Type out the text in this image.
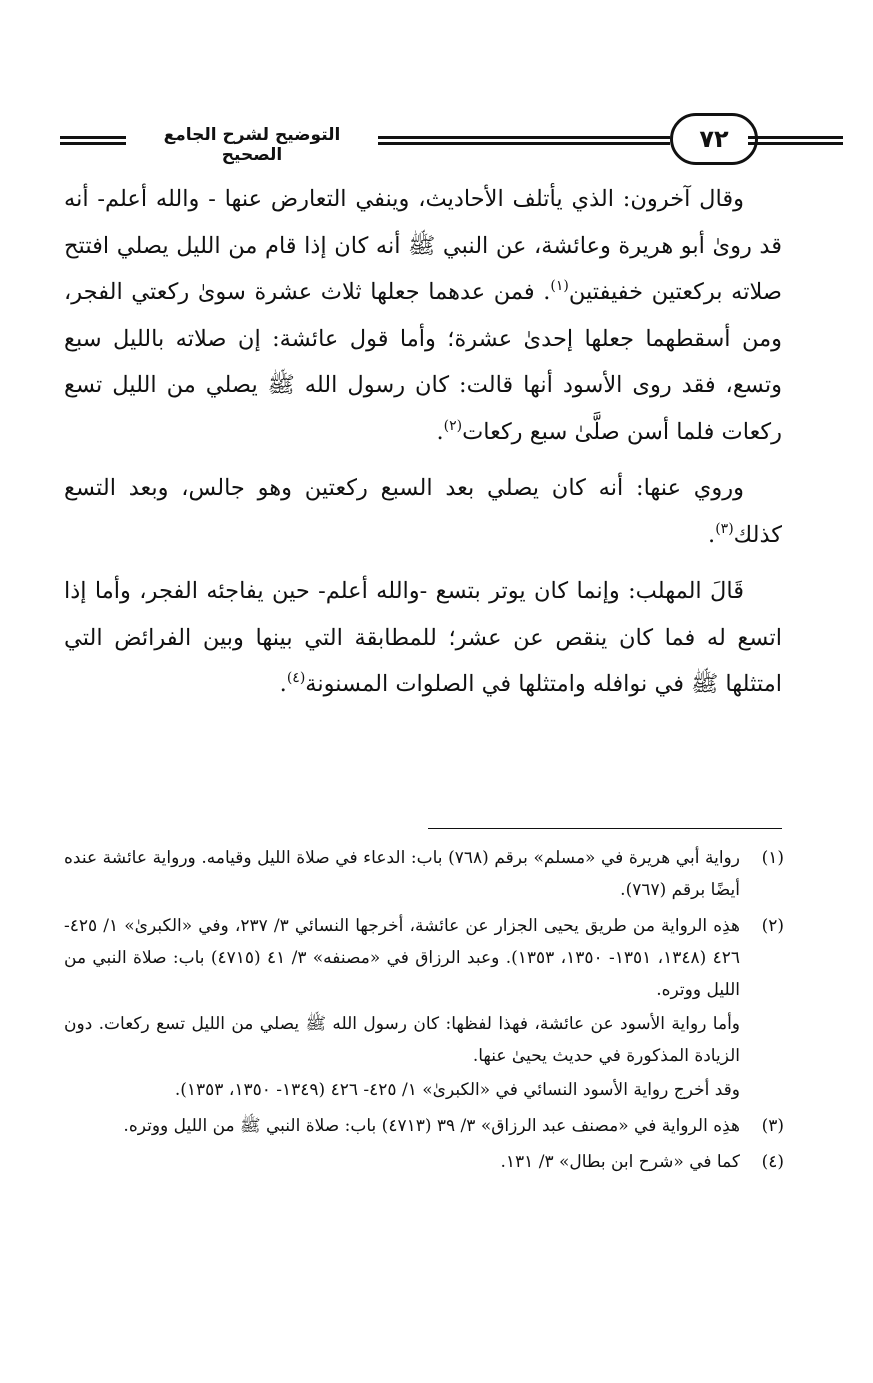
التوضيح لشرح الجامع الصحيح
٧٢

وقال آخرون: الذي يأتلف الأحاديث، وينفي التعارض عنها - والله أعلم- أنه قد روىٰ أبو هريرة وعائشة، عن النبي ﷺ أنه كان إذا قام من الليل يصلي افتتح صلاته بركعتين خفيفتين$^{(١)}$. فمن عدهما جعلها ثلاث عشرة سوىٰ ركعتي الفجر، ومن أسقطهما جعلها إحدىٰ عشرة؛ وأما قول عائشة: إن صلاته بالليل سبع وتسع، فقد روى الأسود أنها قالت: كان رسول الله ﷺ يصلي من الليل تسع ركعات فلما أسن صلَّىٰ سبع ركعات$^{(٢)}$.

وروي عنها: أنه كان يصلي بعد السبع ركعتين وهو جالس، وبعد التسع كذلك$^{(٣)}$.

قَالَ المهلب: وإنما كان يوتر بتسع -والله أعلم- حين يفاجئه الفجر، وأما إذا اتسع له فما كان ينقص عن عشر؛ للمطابقة التي بينها وبين الفرائض التي امتثلها ﷺ في نوافله وامتثلها في الصلوات المسنونة$^{(٤)}$.

(١)

رواية أبي هريرة في «مسلم» برقم (٧٦٨) باب: الدعاء في صلاة الليل وقيامه. ورواية عائشة عنده أيضًا برقم (٧٦٧).

(٢)

هذِه الرواية من طريق يحيى الجزار عن عائشة، أخرجها النسائي ٣/ ٢٣٧، وفي «الكبرىٰ» ١/ ٤٢٥- ٤٢٦ (١٣٤٨، ١٣٥١- ١٣٥٠، ١٣٥٣). وعبد الرزاق في «مصنفه» ٣/ ٤١ (٤٧١٥) باب: صلاة النبي من الليل ووتره.

وأما رواية الأسود عن عائشة، فهذا لفظها: كان رسول الله ﷺ يصلي من الليل تسع ركعات. دون الزيادة المذكورة في حديث يحيىٰ عنها.

وقد أخرج رواية الأسود النسائي في «الكبرىٰ» ١/ ٤٢٥- ٤٢٦ (١٣٤٩- ١٣٥٠، ١٣٥٣).

(٣)

هذِه الرواية في «مصنف عبد الرزاق» ٣/ ٣٩ (٤٧١٣) باب: صلاة النبي ﷺ من الليل ووتره.

(٤)

كما في «شرح ابن بطال» ٣/ ١٣١.
